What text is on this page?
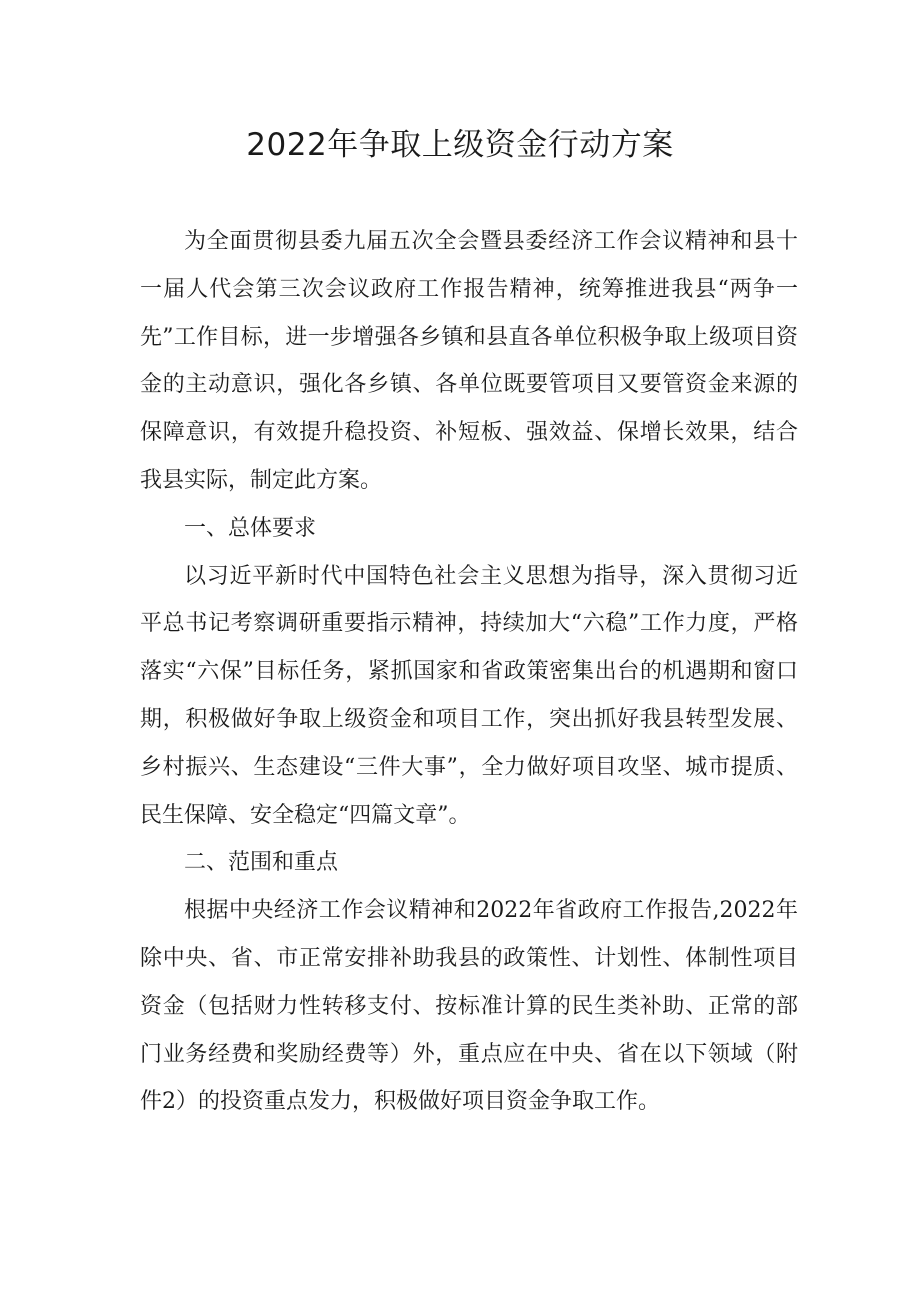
2022年争取上级资金行动方案

为全面贯彻县委九届五次全会暨县委经济工作会议精神和县十一届人代会第三次会议政府工作报告精神，统筹推进我县“两争一先”工作目标，进一步增强各乡镇和县直各单位积极争取上级项目资金的主动意识，强化各乡镇、各单位既要管项目又要管资金来源的保障意识，有效提升稳投资、补短板、强效益、保增长效果，结合我县实际，制定此方案。

一、总体要求

以习近平新时代中国特色社会主义思想为指导，深入贯彻习近平总书记考察调研重要指示精神，持续加大“六稳”工作力度，严格落实“六保”目标任务，紧抓国家和省政策密集出台的机遇期和窗口期，积极做好争取上级资金和项目工作，突出抓好我县转型发展、乡村振兴、生态建设“三件大事”，全力做好项目攻坚、城市提质、民生保障、安全稳定“四篇文章”。

二、范围和重点

根据中央经济工作会议精神和2022年省政府工作报告,2022年除中央、省、市正常安排补助我县的政策性、计划性、体制性项目资金（包括财力性转移支付、按标准计算的民生类补助、正常的部门业务经费和奖励经费等）外，重点应在中央、省在以下领域（附件2）的投资重点发力，积极做好项目资金争取工作。
